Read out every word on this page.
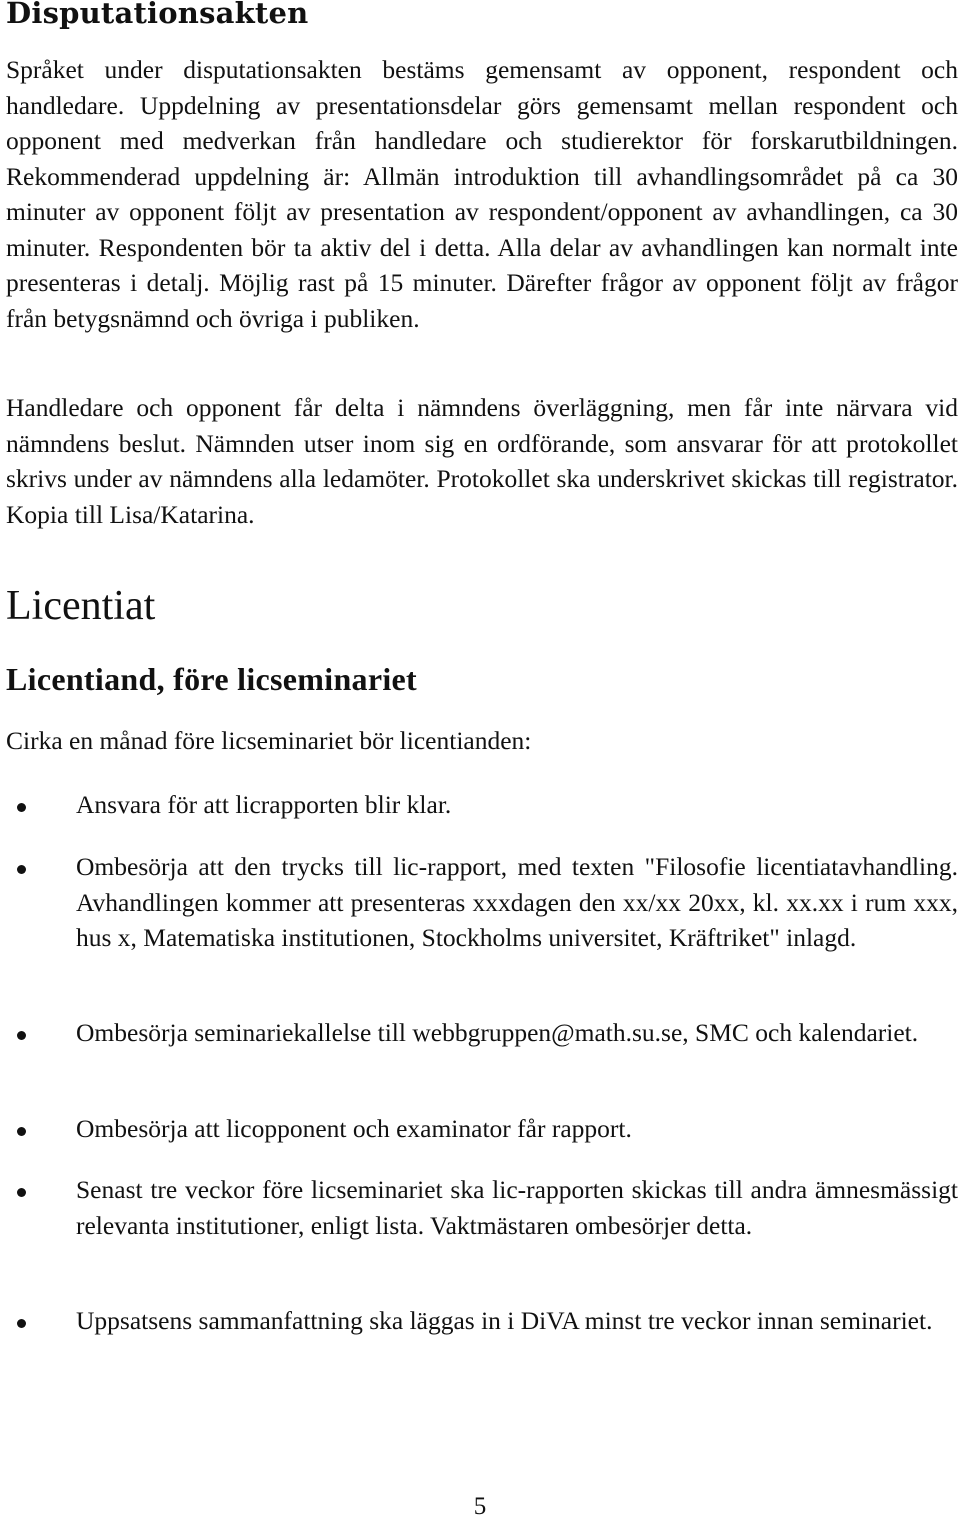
Disputationsakten

Språket under disputationsakten bestäms gemensamt av opponent, respondent och handledare. Uppdelning av presentationsdelar görs gemensamt mellan respondent och opponent med medverkan från handledare och studierektor för forskarutbildningen. Rekommenderad uppdelning är: Allmän introduktion till avhandlingsområdet på ca 30 minuter av opponent följt av presentation av respondent/opponent av avhandlingen, ca 30 minuter. Respondenten bör ta aktiv del i detta. Alla delar av avhandlingen kan normalt inte presenteras i detalj. Möjlig rast på 15 minuter. Därefter frågor av opponent följt av frågor från betygsnämnd och övriga i publiken.

Handledare och opponent får delta i nämndens överläggning, men får inte närvara vid nämndens beslut. Nämnden utser inom sig en ordförande, som ansvarar för att protokollet skrivs under av nämndens alla ledamöter. Protokollet ska underskrivet skickas till registrator. Kopia till Lisa/Katarina.

Licentiat
Licentiand, före licseminariet

Cirka en månad före licseminariet bör licentianden:

Ansvara för att licrapporten blir klar.
Ombesörja att den trycks till lic-rapport, med texten "Filosofie licentiatavhandling. Avhandlingen kommer att presenteras xxxdagen den xx/xx 20xx, kl. xx.xx i rum xxx, hus x, Matematiska institutionen, Stockholms universitet, Kräftriket" inlagd.
Ombesörja seminariekallelse till webbgruppen@math.su.se, SMC och kalendariet.
Ombesörja att licopponent och examinator får rapport.
Senast tre veckor före licseminariet ska lic-rapporten skickas till andra ämnesmässigt relevanta institutioner, enligt lista. Vaktmästaren ombesörjer detta.
Uppsatsens sammanfattning ska läggas in i DiVA minst tre veckor innan seminariet.
5
